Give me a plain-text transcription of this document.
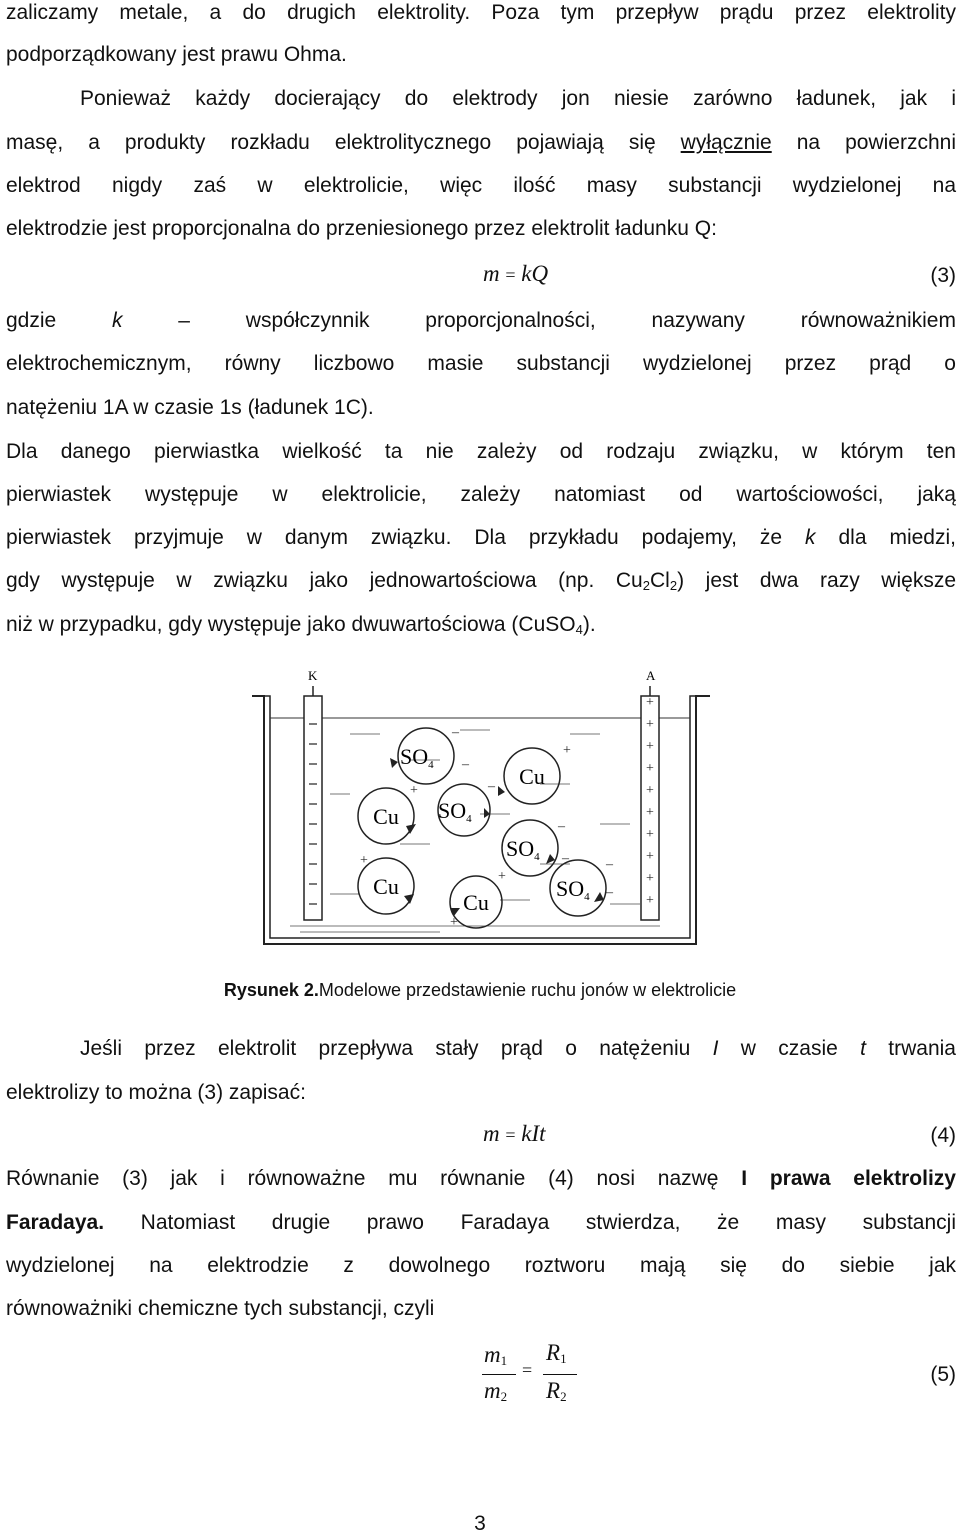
zaliczamy metale, a do drugich elektrolity. Poza tym przepływ prądu przez elektrolity
podporządkowany jest prawu Ohma.
Ponieważ każdy docierający do elektrody jon niesie zarówno ładunek, jak i
masę, a produkty rozkładu elektrolitycznego pojawiają się wyłącznie na powierzchni
elektrod nigdy zaś w elektrolicie, więc ilość masy substancji wydzielonej na
elektrodzie jest proporcjonalna do przeniesionego przez elektrolit ładunku Q:
m = kQ	(3)
gdzie	k	–	współczynnik	proporcjonalności,	nazywany	równoważnikiem
elektrochemicznym, równy liczbowo masie substancji wydzielonej przez prąd o
natężeniu 1A w czasie 1s (ładunek 1C).
Dla danego pierwiastka wielkość ta nie zależy od rodzaju związku, w którym ten
pierwiastek występuje w elektrolicie, zależy natomiast od wartościowości, jaką
pierwiastek przyjmuje w danym związku. Dla przykładu podajemy, że k dla miedzi,
gdy występuje w związku jako jednowartościowa (np. $Cu_2Cl_2$) jest dwa razy większe
niż w przypadku, gdy występuje jako dwuwartościowa (CuSO$_4$).
K	A
+
+
+
+
+
+
+
+
+
+
SO4
SO4
SO4
SO4
Cu
Cu
Cu
Cu
–
–
+
+	–
–
–
+
+
–
–
+
Rysunek 2.Modelowe przedstawienie ruchu jonów w elektrolicie
Jeśli przez elektrolit przepływa stały prąd o natężeniu I w czasie t trwania
elektrolizy to można (3) zapisać:
m = kIt	(4)
Równanie (3) jak i równoważne mu równanie (4) nosi nazwę I prawa elektrolizy
Faradaya. Natomiast drugie prawo Faradaya stwierdza, że masy substancji
wydzielonej na elektrodzie z dowolnego roztworu mają się do siebie jak
równoważniki chemiczne tych substancji, czyli
$m_1$
$m_2$
=
$R_1$
$R_2$
(5)
3
